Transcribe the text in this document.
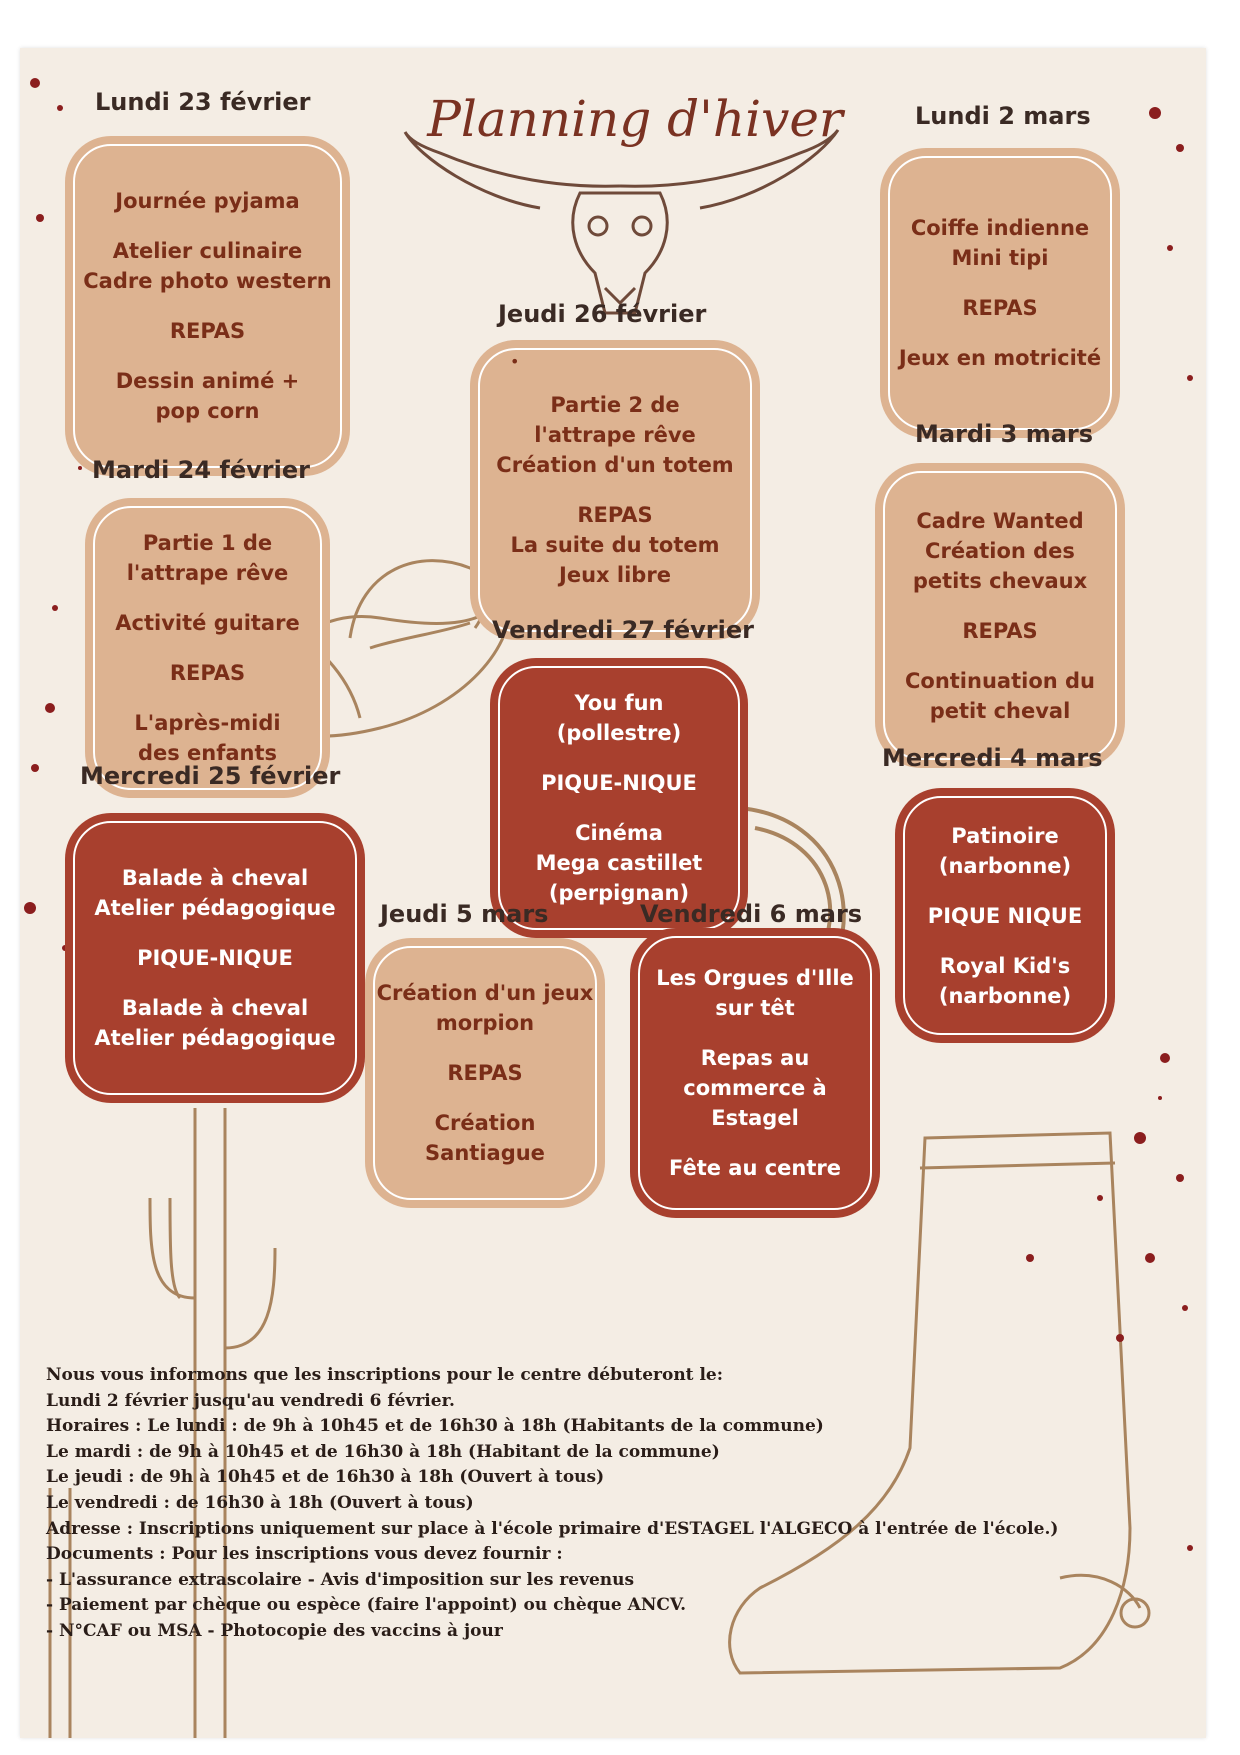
Planning d'hiver
Lundi 23 février
Journée pyjama
Atelier culinaire
Cadre photo western
REPAS
Dessin animé +
pop corn
Mardi 24 février
Partie 1 de
l'attrape rêve
Activité guitare
REPAS
L'après-midi
des enfants
Mercredi 25 février
Balade à cheval
Atelier pédagogique
PIQUE-NIQUE
Balade à cheval
Atelier pédagogique
Jeudi 26 février
•
Partie 2 de
l'attrape rêve
Création d'un totem
REPAS
La suite du totem
Jeux libre
Vendredi 27 février
You fun
(pollestre)
PIQUE-NIQUE
Cinéma
Mega castillet
(perpignan)
Lundi 2 mars
Coiffe indienne
Mini tipi
REPAS
Jeux en motricité
Mardi 3 mars
Cadre Wanted
Création des
petits chevaux
REPAS
Continuation du
petit cheval
Mercredi 4 mars
Patinoire
(narbonne)
PIQUE NIQUE
Royal Kid's
(narbonne)
Jeudi 5 mars
Création d'un jeux
morpion
REPAS
Création Santiague
Vendredi 6 mars
Les Orgues d'Ille
sur têt
Repas au
commerce à
Estagel
Fête au centre

Nous vous informons que les inscriptions pour le centre débuteront le:

Lundi 2 février jusqu'au vendredi 6 février.

Horaires : Le lundi : de 9h à 10h45 et de 16h30 à 18h (Habitants de la commune)

Le mardi : de 9h à 10h45 et de 16h30 à 18h (Habitant de la commune)

Le jeudi : de 9h à 10h45 et de 16h30 à 18h (Ouvert à tous)

Le vendredi : de 16h30 à 18h (Ouvert à tous)

Adresse : Inscriptions uniquement sur place à l'école primaire d'ESTAGEL l'ALGECO à l'entrée de l'école.)

Documents : Pour les inscriptions vous devez fournir :

- L'assurance extrascolaire - Avis d'imposition sur les revenus

- Paiement par chèque ou espèce (faire l'appoint) ou chèque ANCV.

- N°CAF ou MSA - Photocopie des vaccins à jour
